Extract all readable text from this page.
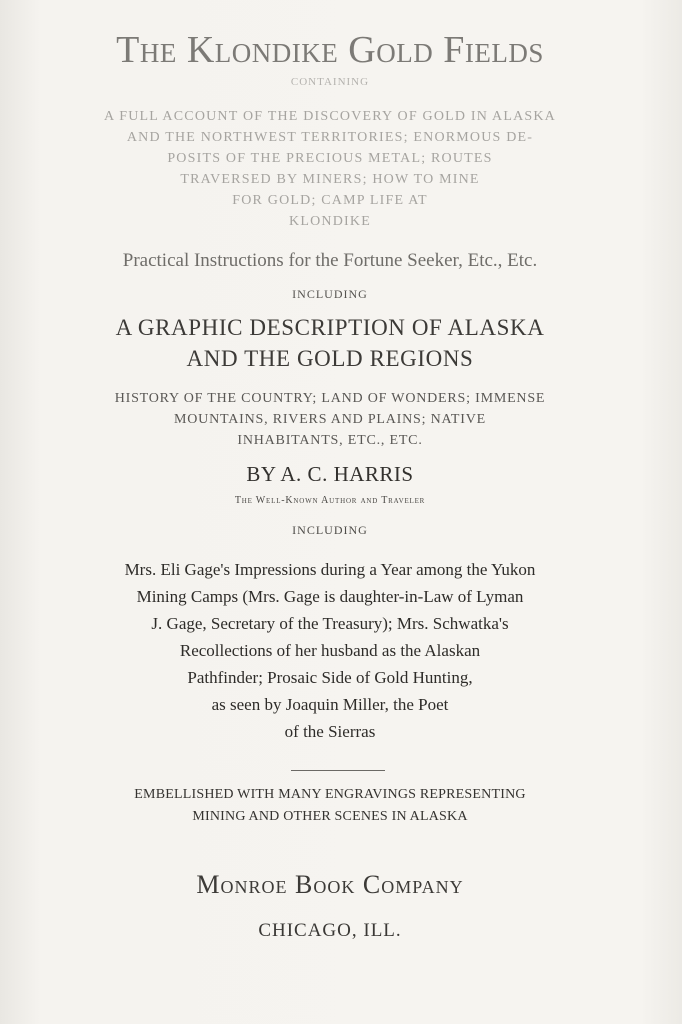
The Klondike Gold Fields
CONTAINING
A FULL ACCOUNT OF THE DISCOVERY OF GOLD IN ALASKA
AND THE NORTHWEST TERRITORIES; ENORMOUS DE-
POSITS OF THE PRECIOUS METAL; ROUTES
TRAVERSED BY MINERS; HOW TO MINE
FOR GOLD; CAMP LIFE AT
KLONDIKE
Practical Instructions for the Fortune Seeker, Etc., Etc.
INCLUDING
A GRAPHIC DESCRIPTION OF ALASKA
AND THE GOLD REGIONS
HISTORY OF THE COUNTRY; LAND OF WONDERS; IMMENSE
MOUNTAINS, RIVERS AND PLAINS; NATIVE
INHABITANTS, ETC., ETC.
BY A. C. HARRIS
The Well-Known Author and Traveler
INCLUDING
Mrs. Eli Gage's Impressions during a Year among the Yukon
Mining Camps (Mrs. Gage is daughter-in-Law of Lyman
J. Gage, Secretary of the Treasury); Mrs. Schwatka's
Recollections of her husband as the Alaskan
Pathfinder; Prosaic Side of Gold Hunting,
as seen by Joaquin Miller, the Poet
of the Sierras
EMBELLISHED WITH MANY ENGRAVINGS REPRESENTING
MINING AND OTHER SCENES IN ALASKA
Monroe Book Company
CHICAGO, ILL.
